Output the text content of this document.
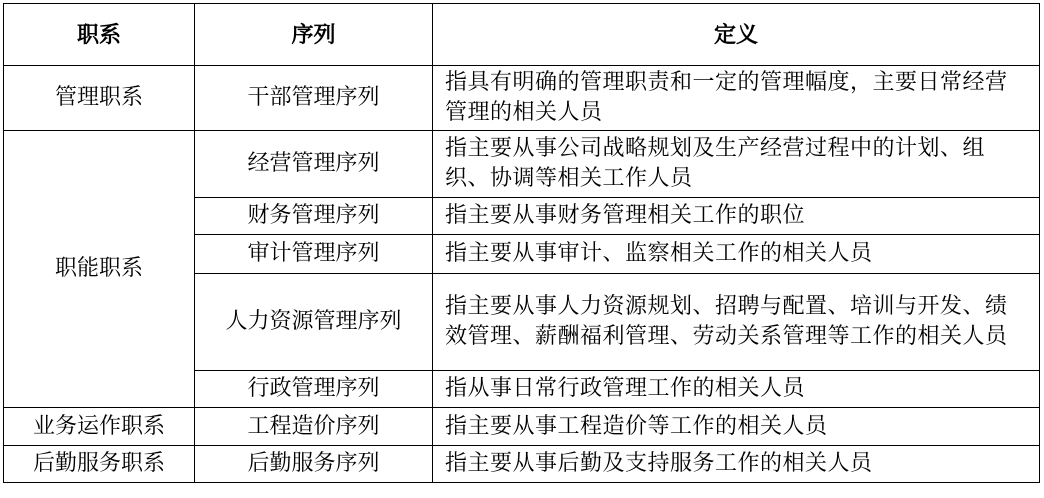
职系	序列	定义
管理职系	干部管理序列	指具有明确的管理职责和一定的管理幅度，主要日常经营管理的相关人员
职能职系	经营管理序列	指主要从事公司战略规划及生产经营过程中的计划、组织、协调等相关工作人员
	财务管理序列	指主要从事财务管理相关工作的职位
	审计管理序列	指主要从事审计、监察相关工作的相关人员
	人力资源管理序列	指主要从事人力资源规划、招聘与配置、培训与开发、绩效管理、薪酬福利管理、劳动关系管理等工作的相关人员
	行政管理序列	指从事日常行政管理工作的相关人员
业务运作职系	工程造价序列	指主要从事工程造价等工作的相关人员
后勤服务职系	后勤服务序列	指主要从事后勤及支持服务工作的相关人员
